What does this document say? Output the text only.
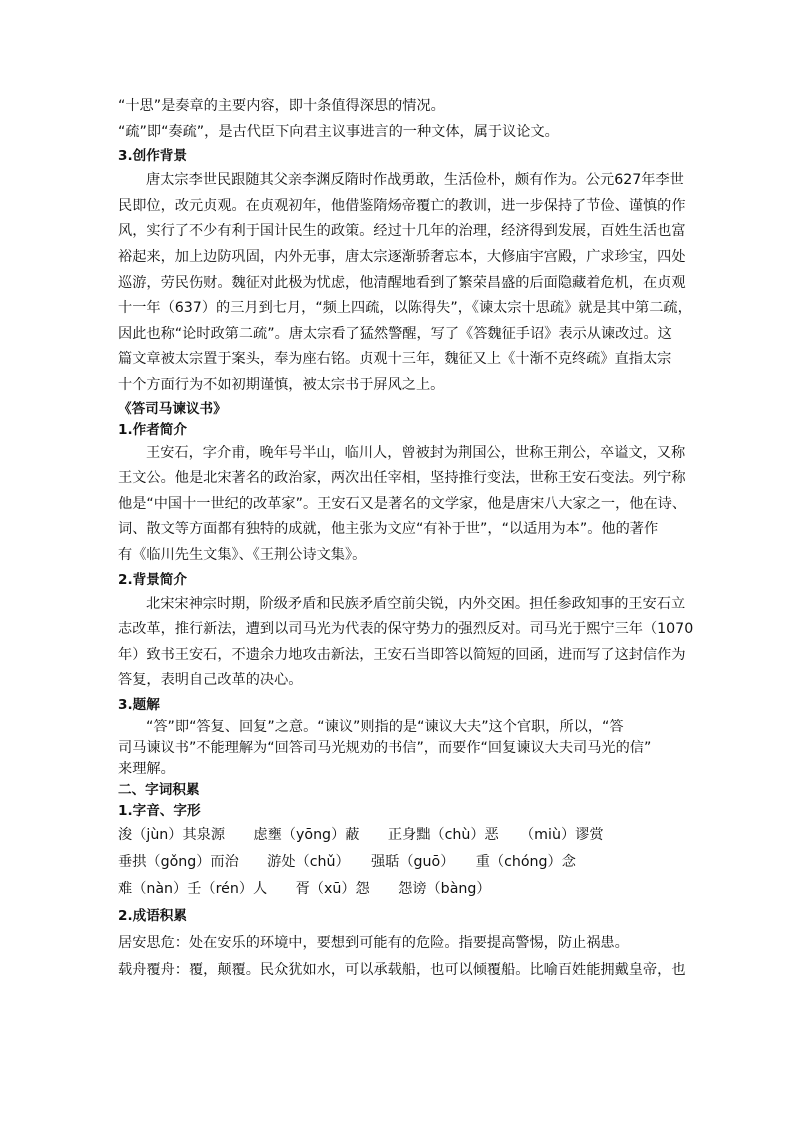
“十思”是奏章的主要内容，即十条值得深思的情况。

“疏”即“奏疏”，是古代臣下向君主议事进言的一种文体，属于议论文。

3.创作背景

唐太宗李世民跟随其父亲李渊反隋时作战勇敢，生活俭朴，颇有作为。公元627年李世

民即位，改元贞观。在贞观初年，他借鉴隋炀帝覆亡的教训，进一步保持了节俭、谨慎的作

风，实行了不少有利于国计民生的政策。经过十几年的治理，经济得到发展，百姓生活也富

裕起来，加上边防巩固，内外无事，唐太宗逐渐骄奢忘本，大修庙宇宫殿，广求珍宝，四处

巡游，劳民伤财。魏征对此极为忧虑，他清醒地看到了繁荣昌盛的后面隐藏着危机，在贞观

十一年（637）的三月到七月，“频上四疏，以陈得失”，《谏太宗十思疏》就是其中第二疏，

因此也称“论时政第二疏”。唐太宗看了猛然警醒，写了《答魏征手诏》表示从谏改过。这

篇文章被太宗置于案头，奉为座右铭。贞观十三年，魏征又上《十渐不克终疏》直指太宗

十个方面行为不如初期谨慎，被太宗书于屏风之上。

《答司马谏议书》

1.作者简介

王安石，字介甫，晚年号半山，临川人，曾被封为荆国公，世称王荆公，卒谥文，又称

王文公。他是北宋著名的政治家，两次出任宰相，坚持推行变法，世称王安石变法。列宁称

他是“中国十一世纪的改革家”。王安石又是著名的文学家，他是唐宋八大家之一，他在诗、

词、散文等方面都有独特的成就，他主张为文应“有补于世”，“以适用为本”。他的著作

有《临川先生文集》、《王荆公诗文集》。

2.背景简介

北宋宋神宗时期，阶级矛盾和民族矛盾空前尖锐，内外交困。担任参政知事的王安石立

志改革，推行新法，遭到以司马光为代表的保守势力的强烈反对。司马光于熙宁三年（1070

年）致书王安石，不遗余力地攻击新法，王安石当即答以简短的回函，进而写了这封信作为

答复，表明自己改革的决心。

3.题解

“答”即“答复、回复”之意。“谏议”则指的是“谏议大夫”这个官职，所以，“答

司马谏议书”不能理解为“回答司马光规劝的书信”，而要作“回复谏议大夫司马光的信”

来理解。

二、字词积累

1.字音、字形

浚（jùn）其泉源　　虑壅（yōng）蔽　　正身黜（chù）恶　　（miù）谬赏

垂拱（gǒng）而治　　游处（chǔ）　　强聒（guō）　　重（chóng）念

难（nàn）壬（rén）人　　胥（xū）怨　　怨谤（bàng）

2.成语积累

居安思危：处在安乐的环境中，要想到可能有的危险。指要提高警惕，防止祸患。

载舟覆舟：覆，颠覆。民众犹如水，可以承载船，也可以倾覆船。比喻百姓能拥戴皇帝，也
